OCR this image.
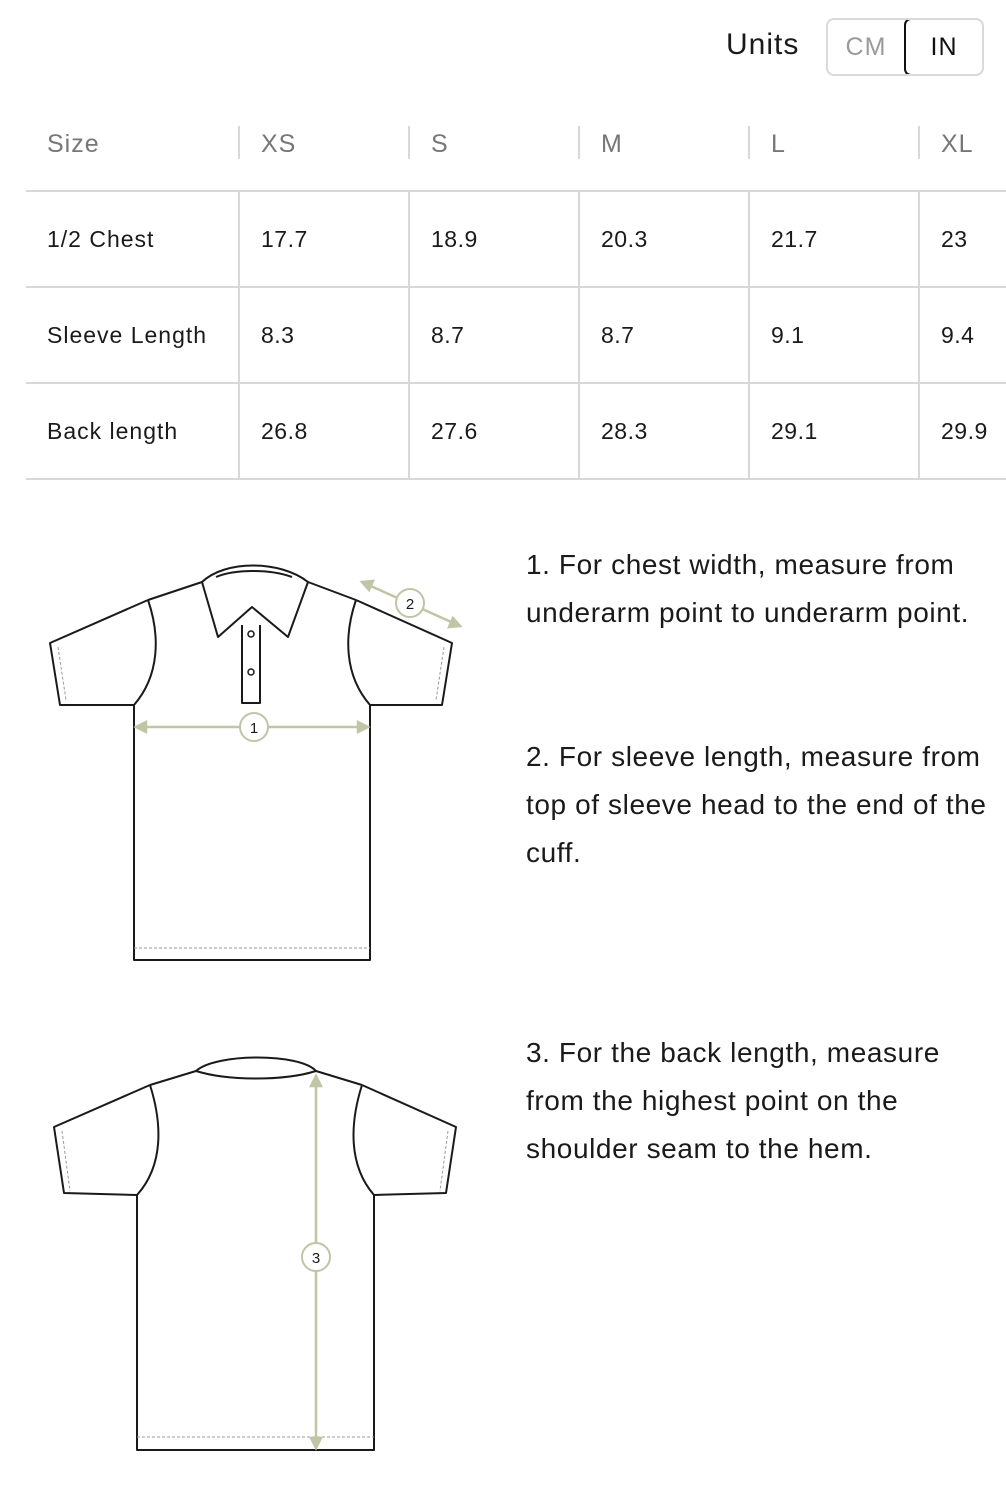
Units	CM	IN
Size	XS	S	M	L	XL
1/2 Chest	17.7	18.9	20.3	21.7	23
Sleeve Length	8.3	8.7	8.7	9.1	9.4
Back length	26.8	27.6	28.3	29.1	29.9
1
2
3

1. For chest width, measure from underarm point to underarm point.

2. For sleeve length, measure from top of sleeve head to the end of the cuff.

3. For the back length, measure from the highest point on the shoulder seam to the hem.
